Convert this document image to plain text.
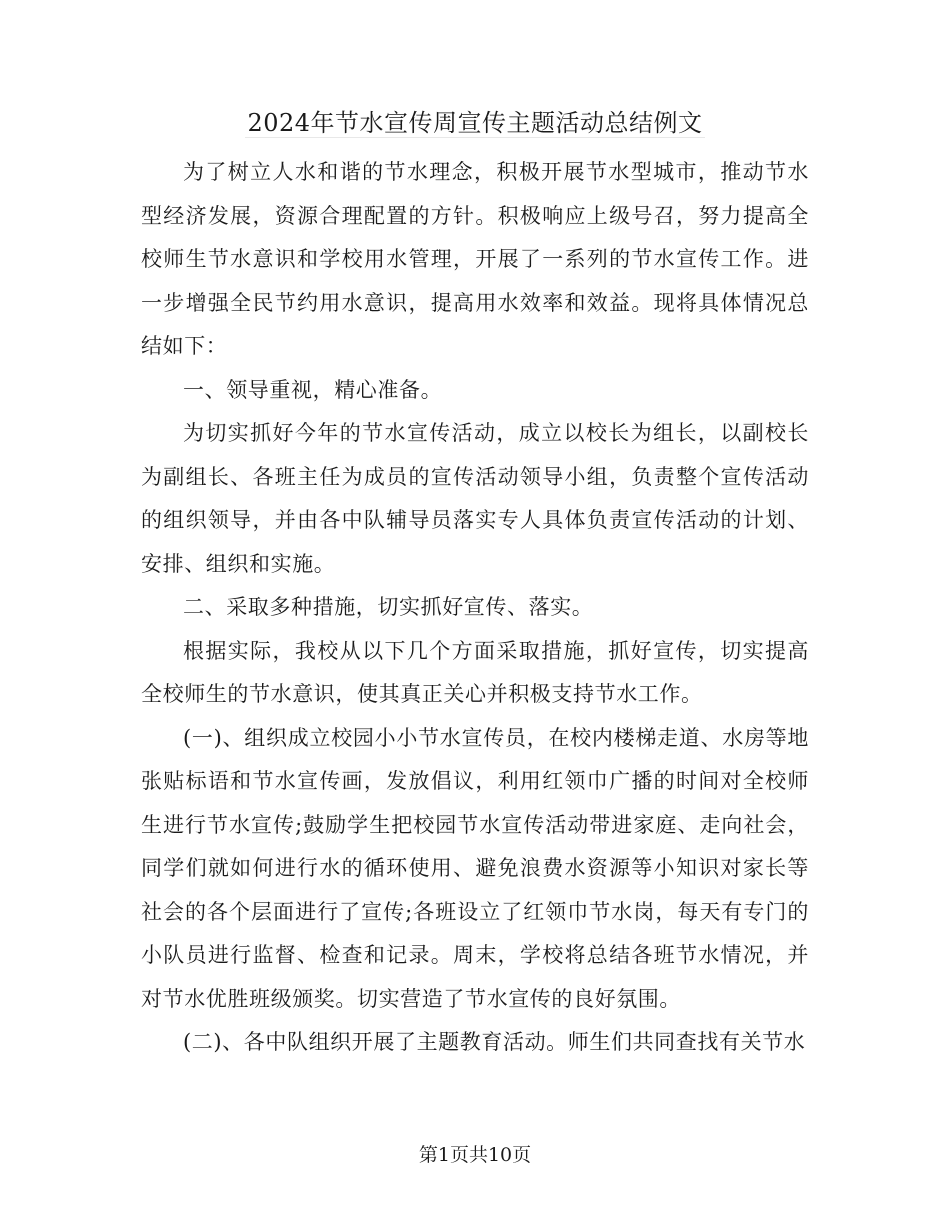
2024年节水宣传周宣传主题活动总结例文

为了树立人水和谐的节水理念，积极开展节水型城市，推动节水型经济发展，资源合理配置的方针。积极响应上级号召，努力提高全校师生节水意识和学校用水管理，开展了一系列的节水宣传工作。进一步增强全民节约用水意识，提高用水效率和效益。现将具体情况总结如下：

一、领导重视，精心准备。

为切实抓好今年的节水宣传活动，成立以校长为组长，以副校长为副组长、各班主任为成员的宣传活动领导小组，负责整个宣传活动的组织领导，并由各中队辅导员落实专人具体负责宣传活动的计划、安排、组织和实施。

二、采取多种措施，切实抓好宣传、落实。

根据实际，我校从以下几个方面采取措施，抓好宣传，切实提高全校师生的节水意识，使其真正关心并积极支持节水工作。

(一)、组织成立校园小小节水宣传员，在校内楼梯走道、水房等地张贴标语和节水宣传画，发放倡议，利用红领巾广播的时间对全校师生进行节水宣传;鼓励学生把校园节水宣传活动带进家庭、走向社会，同学们就如何进行水的循环使用、避免浪费水资源等小知识对家长等社会的各个层面进行了宣传;各班设立了红领巾节水岗，每天有专门的小队员进行监督、检查和记录。周末，学校将总结各班节水情况，并对节水优胜班级颁奖。切实营造了节水宣传的良好氛围。

(二)、各中队组织开展了主题教育活动。师生们共同查找有关节水

第1页共10页
